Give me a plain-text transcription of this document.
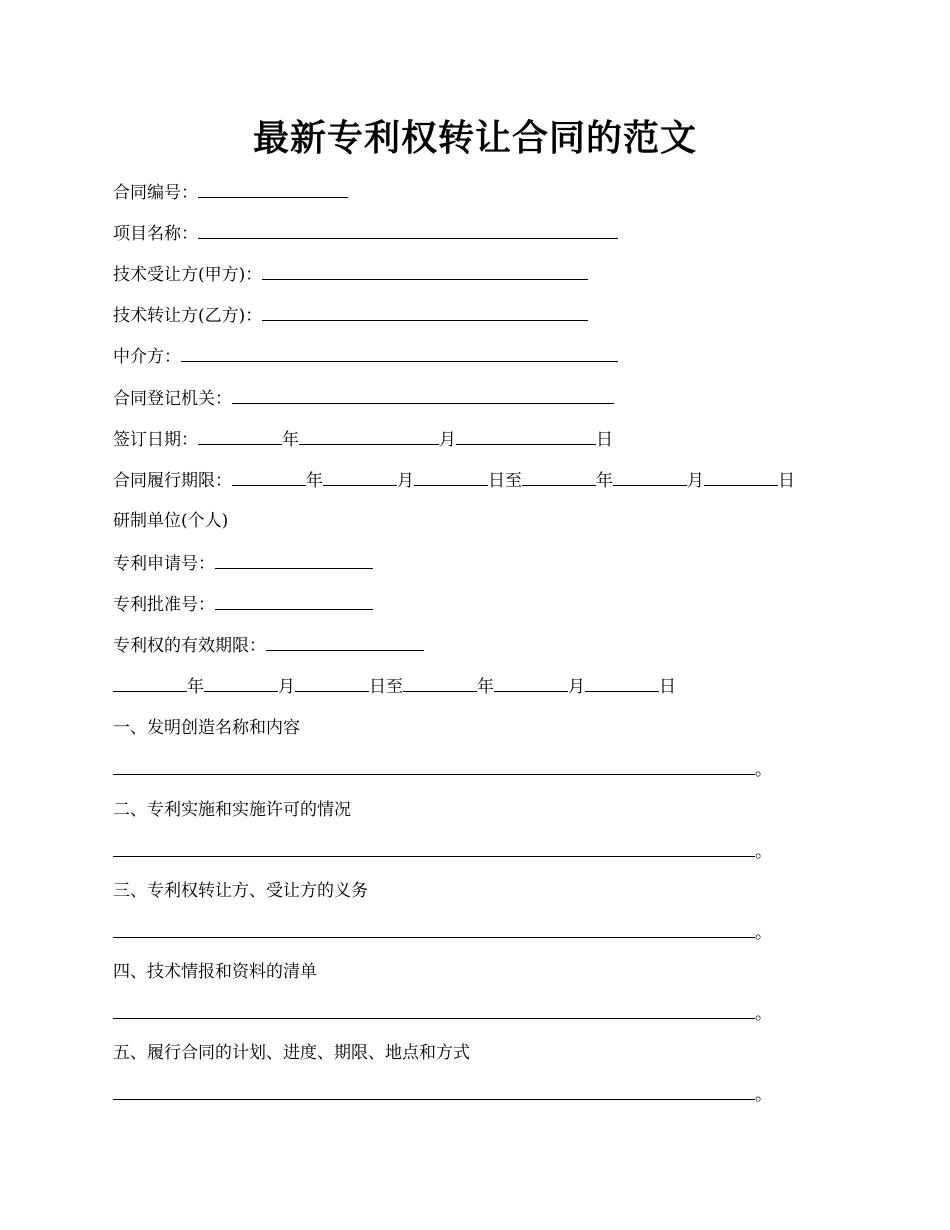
最新专利权转让合同的范文
合同编号：
项目名称：
技术受让方(甲方)：
技术转让方(乙方)：
中介方：
合同登记机关：
签订日期：	年	月	日
合同履行期限：	年	月	日至	年	月	日
研制单位(个人)
专利申请号：
专利批准号：
专利权的有效期限：
年	月	日至	年	月	日
一、发明创造名称和内容
。
二、专利实施和实施许可的情况
。
三、专利权转让方、受让方的义务
。
四、技术情报和资料的清单
。
五、履行合同的计划、进度、期限、地点和方式
。
